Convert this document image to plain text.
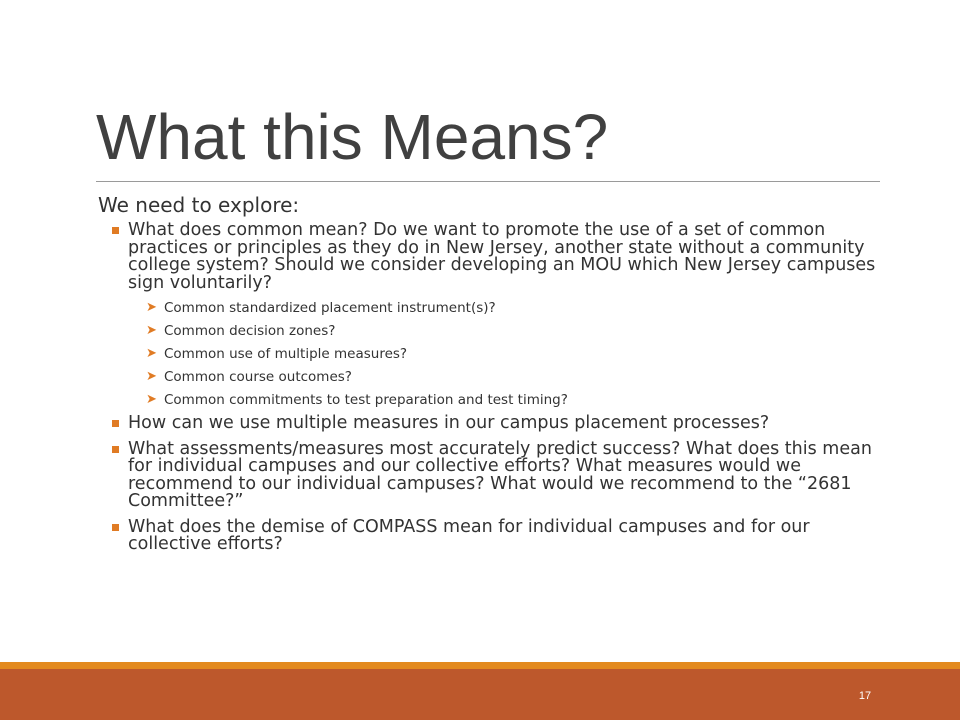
What this Means?
We need to explore:
What does common mean? Do we want to promote the use of a set of common practices or principles as they do in New Jersey, another state without a community college system? Should we consider developing an MOU which New Jersey campuses sign voluntarily?
➤ Common standardized placement instrument(s)?
➤ Common decision zones?
➤ Common use of multiple measures?
➤ Common course outcomes?
➤ Common commitments to test preparation and test timing?
How can we use multiple measures in our campus placement processes?
What assessments/measures most accurately predict success? What does this mean for individual campuses and our collective efforts? What measures would we recommend to our individual campuses? What would we recommend to the “2681 Committee?”
What does the demise of COMPASS mean for individual campuses and for our collective efforts?
17
